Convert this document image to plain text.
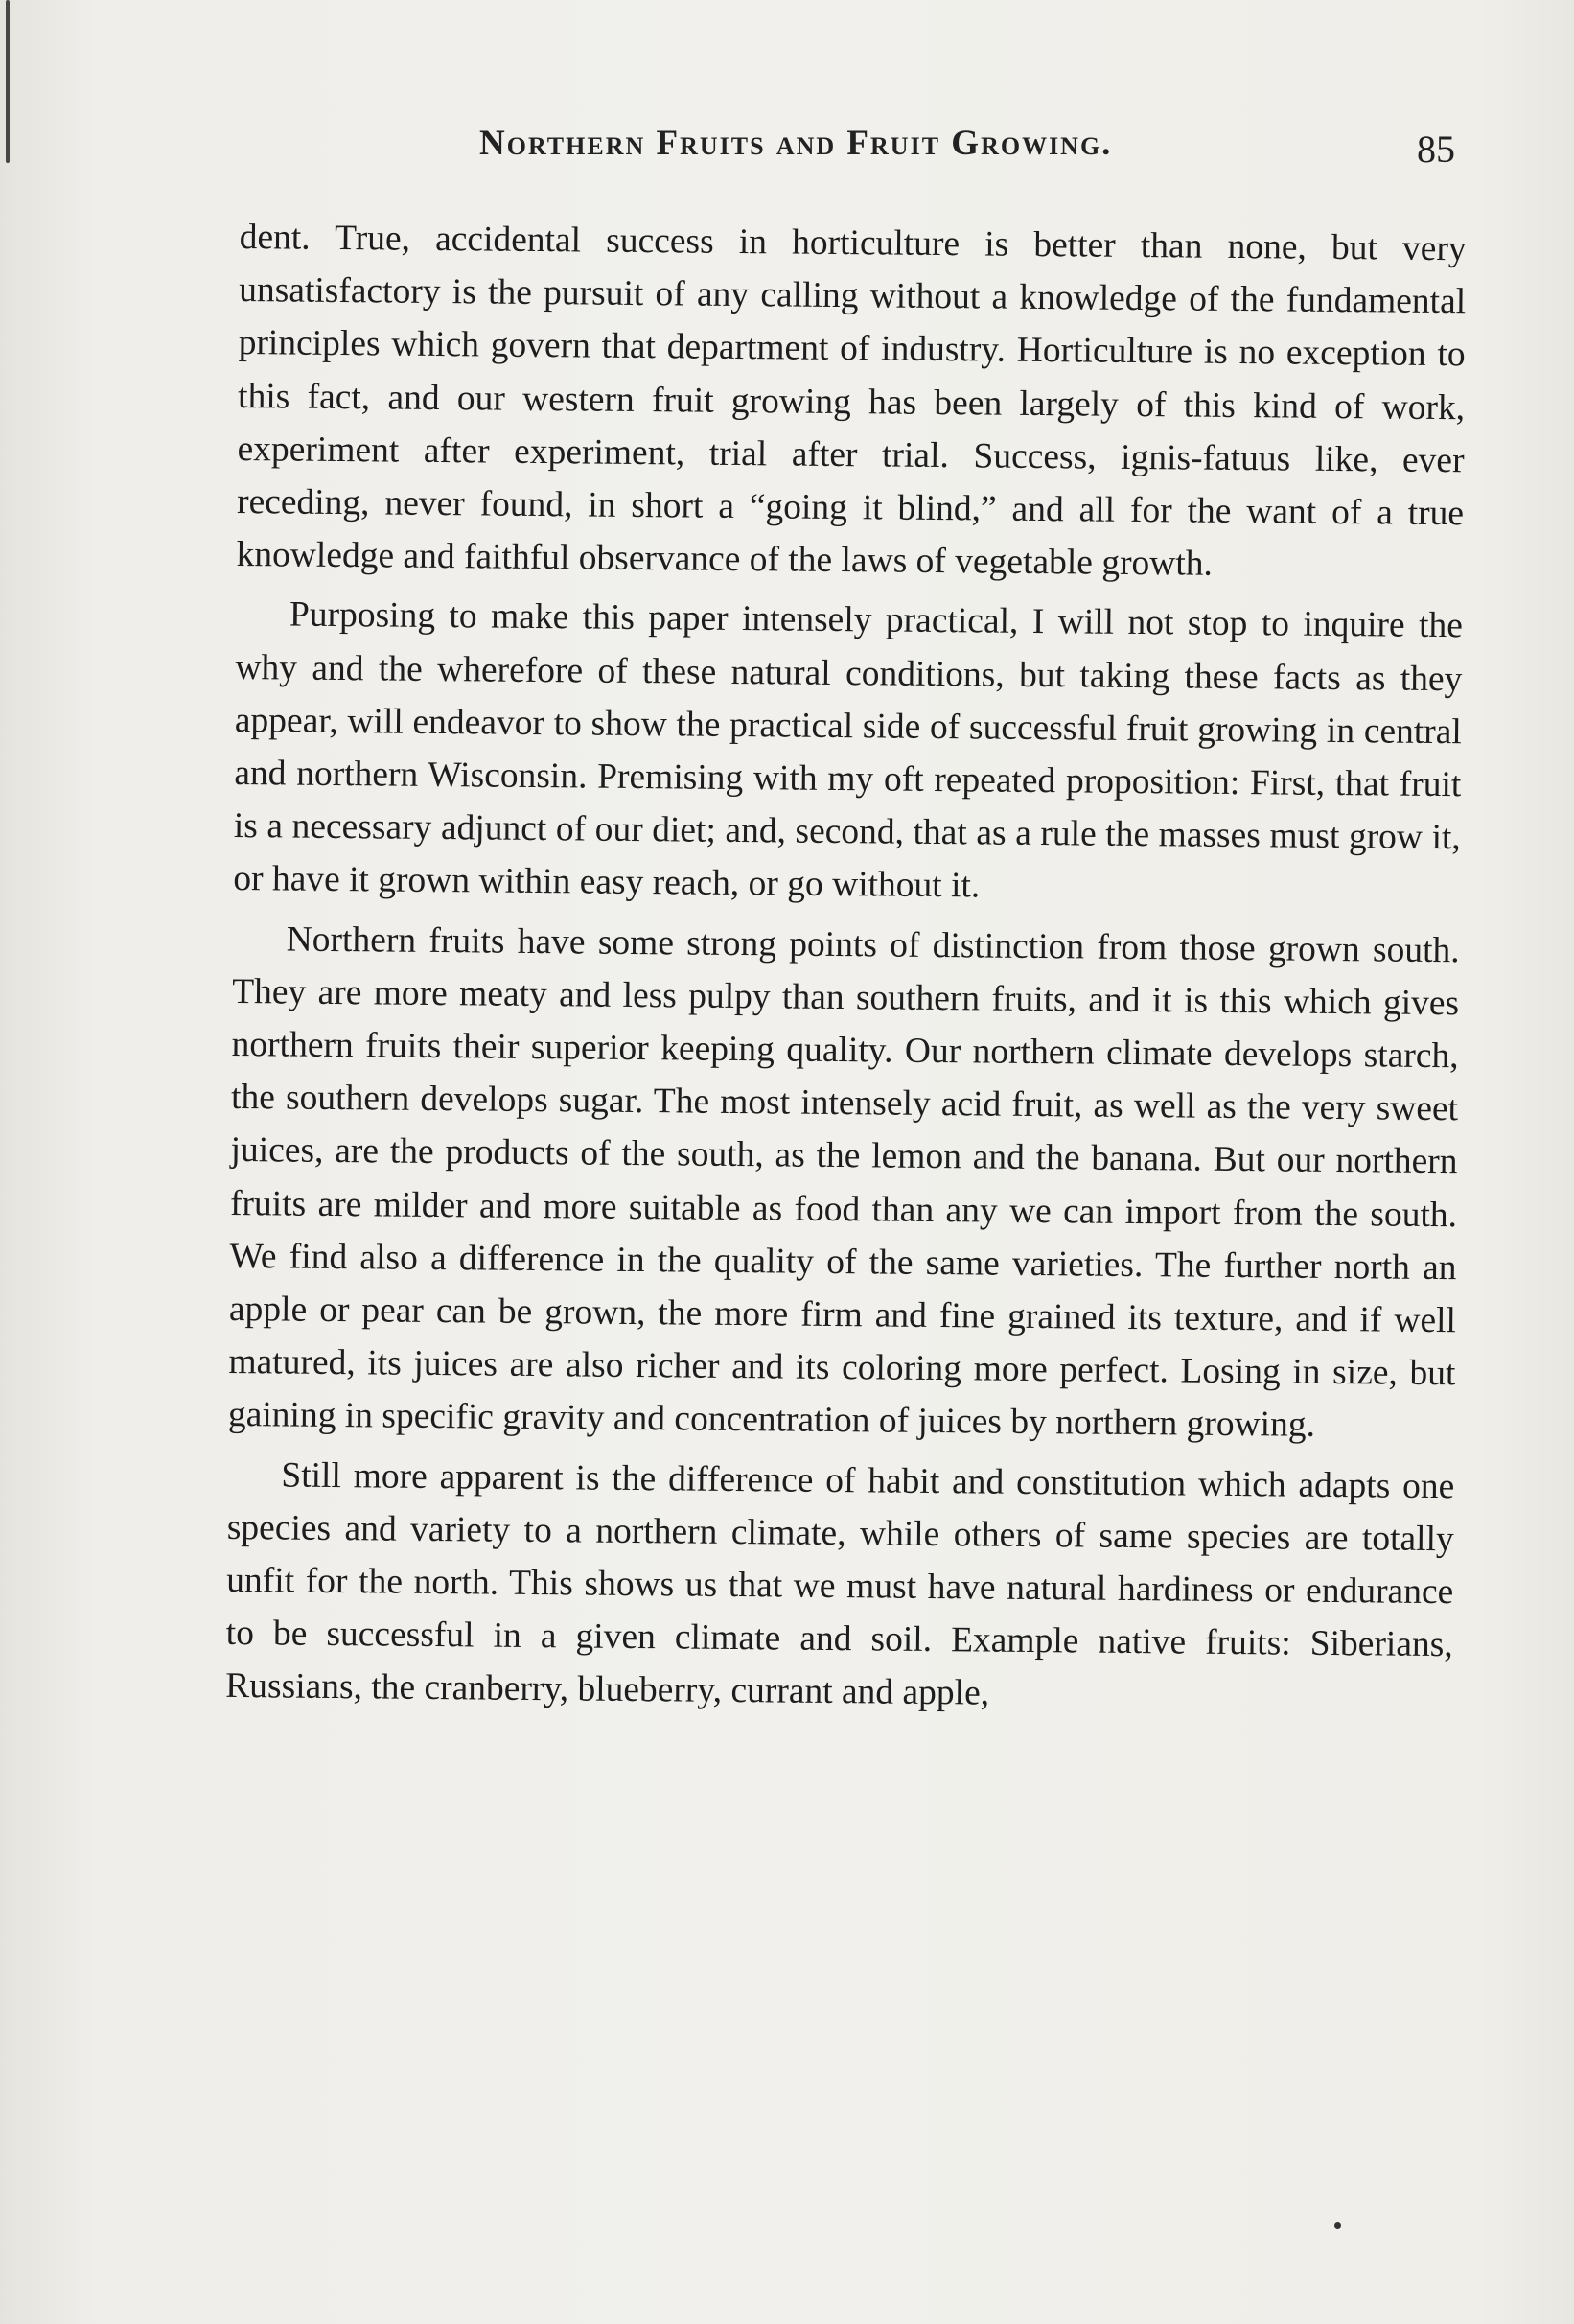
Northern Fruits and Fruit Growing.	85

dent. True, accidental success in horticulture is better than none, but very unsatisfactory is the pursuit of any calling without a knowledge of the fundamental principles which govern that department of industry. Horticulture is no exception to this fact, and our western fruit growing has been largely of this kind of work, experiment after experiment, trial after trial. Success, ignis-fatuus like, ever receding, never found, in short a “going it blind,” and all for the want of a true knowledge and faithful observance of the laws of vegetable growth.

Purposing to make this paper intensely practical, I will not stop to inquire the why and the wherefore of these natural conditions, but taking these facts as they appear, will endeavor to show the practical side of successful fruit growing in central and northern Wisconsin. Premising with my oft repeated proposition: First, that fruit is a necessary adjunct of our diet; and, second, that as a rule the masses must grow it, or have it grown within easy reach, or go without it.

Northern fruits have some strong points of distinction from those grown south. They are more meaty and less pulpy than southern fruits, and it is this which gives northern fruits their superior keeping quality. Our northern climate develops starch, the southern develops sugar. The most intensely acid fruit, as well as the very sweet juices, are the products of the south, as the lemon and the banana. But our northern fruits are milder and more suitable as food than any we can import from the south. We find also a difference in the quality of the same varieties. The further north an apple or pear can be grown, the more firm and fine grained its texture, and if well matured, its juices are also richer and its coloring more perfect. Losing in size, but gaining in specific gravity and concentration of juices by northern growing.

Still more apparent is the difference of habit and constitution which adapts one species and variety to a northern climate, while others of same species are totally unfit for the north. This shows us that we must have natural hardiness or endurance to be successful in a given climate and soil. Example native fruits: Siberians, Russians, the cranberry, blueberry, currant and apple,
